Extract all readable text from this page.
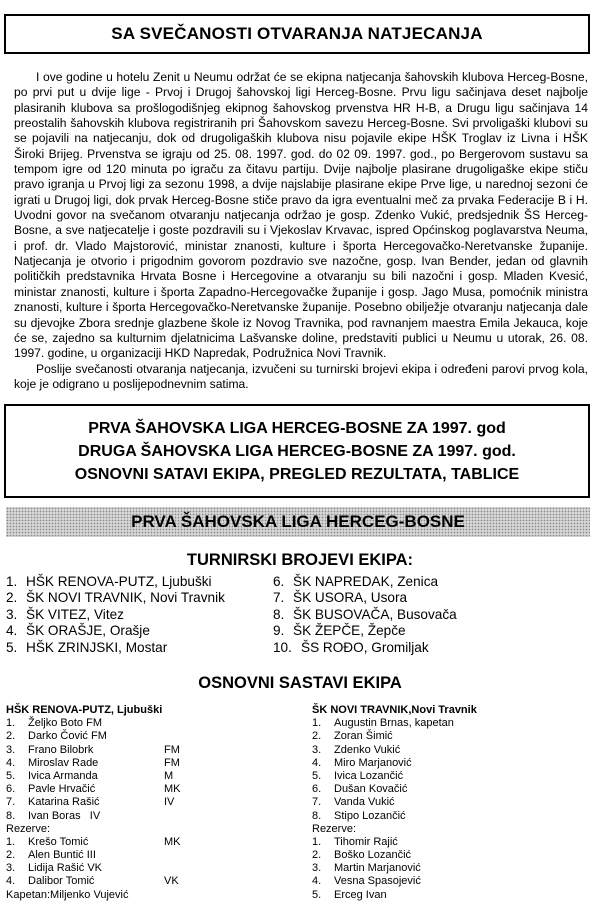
SA SVEČANOSTI OTVARANJA NATJECANJA

I ove godine u hotelu Zenit u Neumu održat će se ekipna natjecanja šahovskih klubova Herceg-Bosne, po prvi put u dvije lige - Prvoj i Drugoj šahovskoj ligi Herceg-Bosne. Prvu ligu sačinjava deset najbolje plasiranih klubova sa prošlogodišnjeg ekipnog šahovskog prvenstva HR H-B, a Drugu ligu sačinjava 14 preostalih šahovskih klubova registriranih pri Šahovskom savezu Herceg-Bosne. Svi prvoligaški klubovi su se pojavili na natjecanju, dok od drugoligaških klubova nisu pojavile ekipe HŠK Troglav iz Livna i HŠK Široki Brijeg. Prvenstva se igraju od 25. 08. 1997. god. do 02 09. 1997. god., po Bergerovom sustavu sa tempom igre od 120 minuta po igraču za čitavu partiju. Dvije najbolje plasirane drugoligaške ekipe stiču pravo igranja u Prvoj ligi za sezonu 1998, a dvije najslabije plasirane ekipe Prve lige, u narednoj sezoni će igrati u Drugoj ligi, dok prvak Herceg-Bosne stiče pravo da igra eventualni meč za prvaka Federacije B i H. Uvodni govor na svečanom otvaranju natjecanja održao je gosp. Zdenko Vukić, predsjednik ŠS Herceg-Bosne, a sve natjecatelje i goste pozdravili su i Vjekoslav Krvavac, ispred Općinskog poglavarstva Neuma, i prof. dr. Vlado Majstorović, ministar znanosti, kulture i športa Hercegovačko-Neretvanske županije. Natjecanja je otvorio i prigodnim govorom pozdravio sve nazočne, gosp. Ivan Bender, jedan od glavnih političkih predstavnika Hrvata Bosne i Hercegovine a otvaranju su bili nazočni i gosp. Mladen Kvesić, ministar znanosti, kulture i športa Zapadno-Hercegovačke županije i gosp. Jago Musa, pomoćnik ministra znanosti, kulture i športa Hercegovačko-Neretvanske županije. Posebno obilježje otvaranju natjecanja dale su djevojke Zbora srednje glazbene škole iz Novog Travnika, pod ravnanjem maestra Emila Jekauca, koje će se, zajedno sa kulturnim djelatnicima Lašvanske doline, predstaviti publici u Neumu u utorak, 26. 08. 1997. godine, u organizaciji HKD Napredak, Podružnica Novi Travnik.

Poslije svečanosti otvaranja natjecanja, izvučeni su turnirski brojevi ekipa i određeni parovi prvog kola, koje je odigrano u poslijepodnevnim satima.

PRVA ŠAHOVSKA LIGA HERCEG-BOSNE ZA 1997. god
DRUGA ŠAHOVSKA LIGA HERCEG-BOSNE ZA 1997. god.
OSNOVNI SATAVI EKIPA, PREGLED REZULTATA, TABLICE
PRVA ŠAHOVSKA LIGA HERCEG-BOSNE
TURNIRSKI BROJEVI EKIPA:
1. HŠK RENOVA-PUTZ, Ljubuški
2. ŠK NOVI TRAVNIK, Novi Travnik
3. ŠK VITEZ, Vitez
4. ŠK ORAŠJE, Orašje
5. HŠK ZRINJSKI, Mostar
6. ŠK NAPREDAK, Zenica
7. ŠK USORA, Usora
8. ŠK BUSOVAČA, Busovača
9. ŠK ŽEPČE, Žepče
10. ŠS ROĐO, Gromiljak
OSNOVNI SASTAVI EKIPA
HŠK RENOVA-PUTZ, Ljubuški
1. Željko Boto FM
2. Darko Čović FM
3. Frano Bilobrk	FM
4. Miroslav Rade	FM
5. Ivica Armanda	M
6. Pavle Hrvačić	MK
7. Katarina Rašić	IV
8. Ivan Boras IV
Rezerve:
1. Krešo Tomić	MK
2. Alen Buntić III
3. Lidija Rašić VK
4. Dalibor Tomić	VK
Kapetan:Miljenko Vujević
ŠK NOVI TRAVNIK,Novi Travnik
1. Augustin Brnas, kapetan
2. Zoran Šimić
3. Zdenko Vukić
4. Miro Marjanović
5. Ivica Lozančić
6. Dušan Kovačić
7. Vanda Vukić
8. Stipo Lozančić
Rezerve:
1. Tihomir Rajić
2. Boško Lozančić
3. Martin Marjanović
4. Vesna Spasojević
5. Erceg Ivan
